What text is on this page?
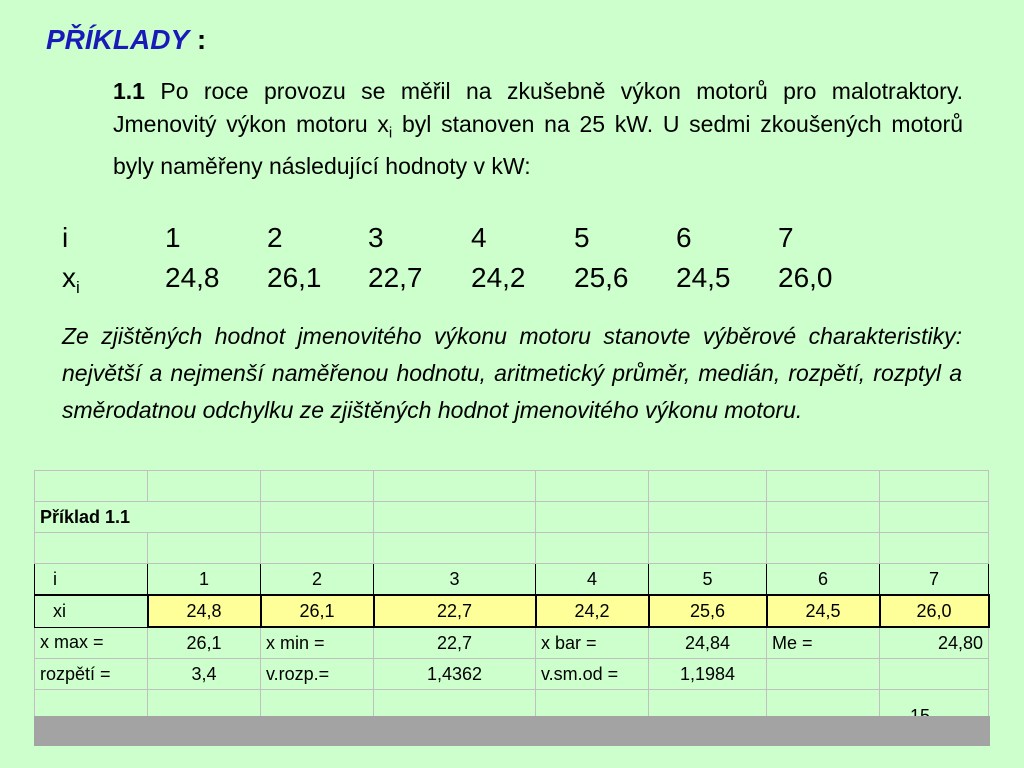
PŘÍKLADY :
1.1 Po roce provozu se měřil na zkušebně výkon motorů pro malotraktory. Jmenovitý výkon motoru $x_i$ byl stanoven na 25 kW. U sedmi zkoušených motorů byly naměřeny následující hodnoty v kW:
i	1	2	3	4	5	6	7
$x_i$	24,8 26,1 22,7 24,2 25,6 24,5 26,0
Ze zjištěných hodnot jmenovitého výkonu motoru stanovte výběrové charakteristiky: největší a nejmenší naměřenou hodnotu, aritmetický průměr, medián, rozpětí, rozptyl a směrodatnou odchylku ze zjištěných hodnot jmenovitého výkonu motoru.

Příklad 1.1							

i	1	2	3	4	5	6	7
xi	24,8	26,1	22,7	24,2	25,6	24,5	26,0
x max =	26,1	x min =	22,7	x bar =	24,84	Me =	24,80
rozpětí =	3,4	v.rozp.=	1,4362	v.sm.od =	1,1984		
